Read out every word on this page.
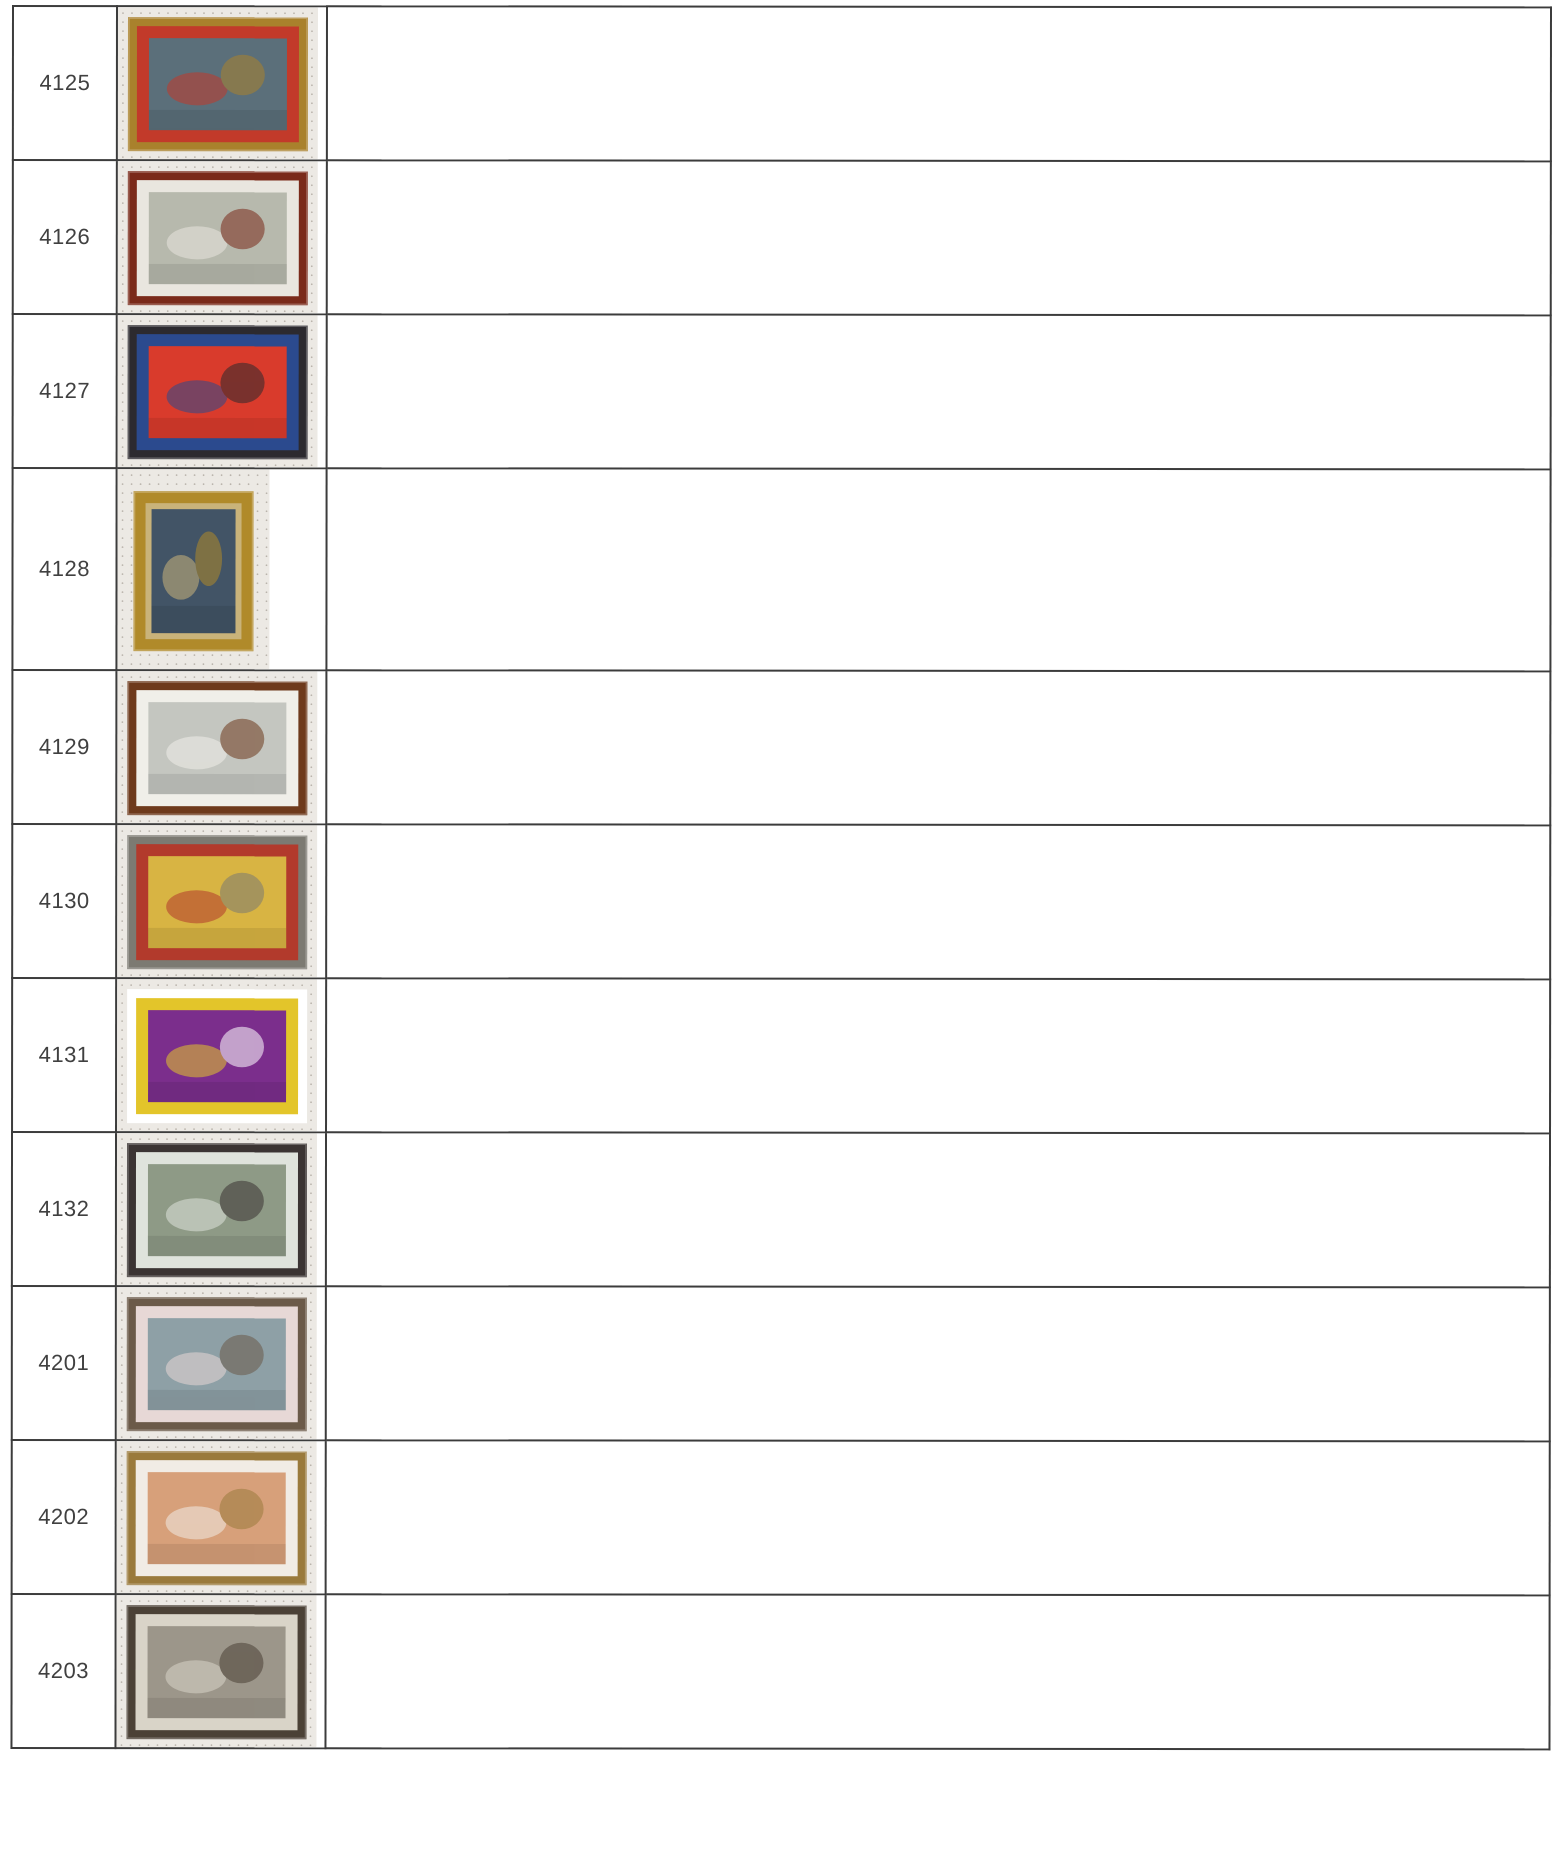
4125	

4126	

4127	

4128	

4129	

4130	

4131	

4132	

4201	

4202	

4203	
